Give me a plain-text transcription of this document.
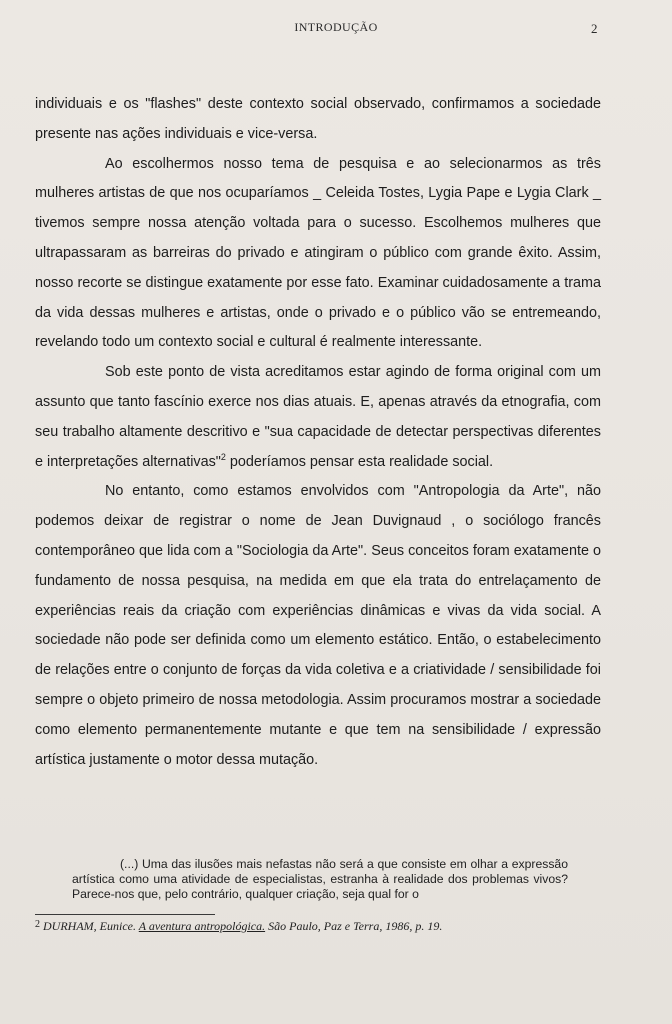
INTRODUÇÃO	2

individuais e os "flashes" deste contexto social observado, confirmamos a sociedade presente nas ações individuais e vice-versa.

Ao escolhermos nosso tema de pesquisa e ao selecionarmos as três mulheres artistas de que nos ocuparíamos _ Celeida Tostes, Lygia Pape e Lygia Clark _ tivemos sempre nossa atenção voltada para o sucesso. Escolhemos mulheres que ultrapassaram as barreiras do privado e atingiram o público com grande êxito. Assim, nosso recorte se distingue exatamente por esse fato. Examinar cuidadosamente a trama da vida dessas mulheres e artistas, onde o privado e o público vão se entremeando, revelando todo um contexto social e cultural é realmente interessante.

Sob este ponto de vista acreditamos estar agindo de forma original com um assunto que tanto fascínio exerce nos dias atuais. E, apenas através da etnografia, com seu trabalho altamente descritivo e "sua capacidade de detectar perspectivas diferentes e interpretações alternativas"$^2$ poderíamos pensar esta realidade social.

No entanto, como estamos envolvidos com "Antropologia da Arte", não podemos deixar de registrar o nome de Jean Duvignaud , o sociólogo francês contemporâneo que lida com a "Sociologia da Arte". Seus conceitos foram exatamente o fundamento de nossa pesquisa, na medida em que ela trata do entrelaçamento de experiências reais da criação com experiências dinâmicas e vivas da vida social. A sociedade não pode ser definida como um elemento estático. Então, o estabelecimento de relações entre o conjunto de forças da vida coletiva e a criatividade / sensibilidade foi sempre o objeto primeiro de nossa metodologia. Assim procuramos mostrar a sociedade como elemento permanentemente mutante e que tem na sensibilidade / expressão artística justamente o motor dessa mutação.

(...) Uma das ilusões mais nefastas não será a que consiste em olhar a expressão artística como uma atividade de especialistas, estranha à realidade dos problemas vivos? Parece-nos que, pelo contrário, qualquer criação, seja qual for o

$^2$ DURHAM, Eunice. A aventura antropológica. São Paulo, Paz e Terra, 1986, p. 19.
